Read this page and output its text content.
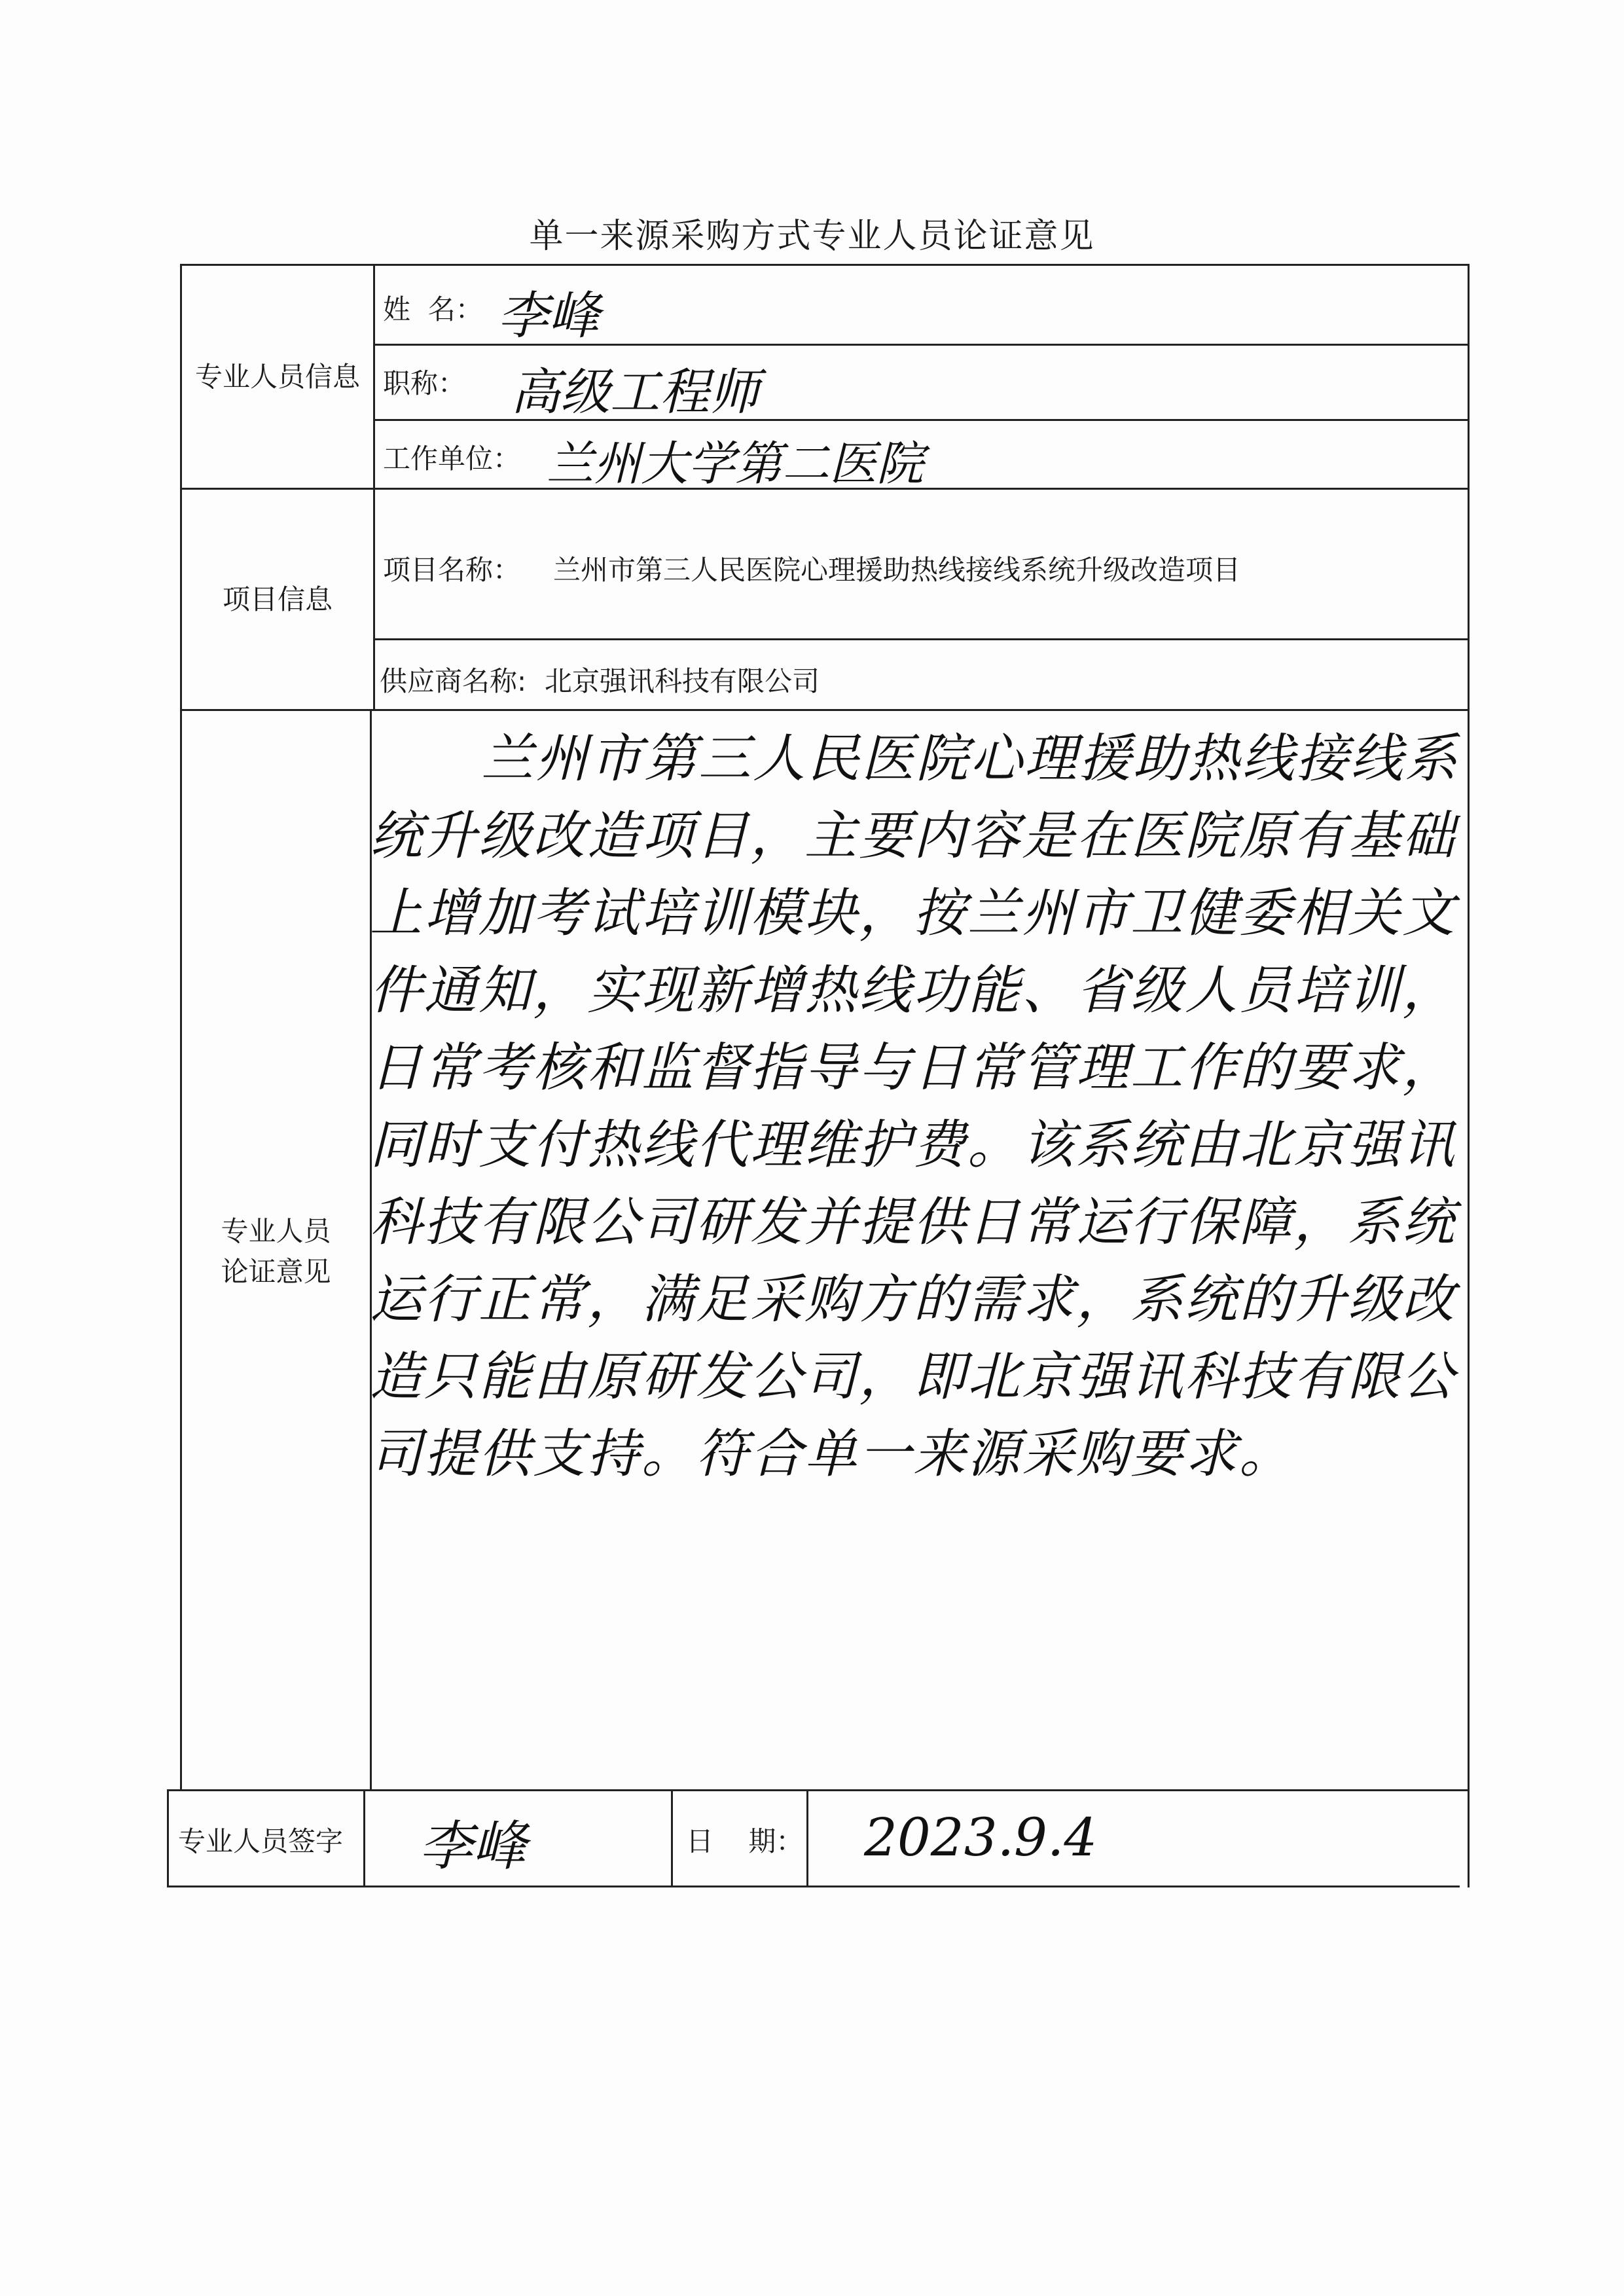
单一来源采购方式专业人员论证意见
专业人员信息
姓  名： 李峰
职称： 高级工程师
工作单位： 兰州大学第二医院
项目信息
项目名称： 兰州市第三人民医院心理援助热线接线系统升级改造项目
供应商名称: 北京强讯科技有限公司
专业人员
论证意见
兰州市第三人民医院心理援助热线接线系统升级改造项目，主要内容是在医院原有基础上增加考试培训模块，按兰州市卫健委相关文件通知，实现新增热线功能、省级人员培训，日常考核和监督指导与日常管理工作的要求，同时支付热线代理维护费。该系统由北京强讯科技有限公司研发并提供日常运行保障，系统运行正常，满足采购方的需求，系统的升级改造只能由原研发公司，即北京强讯科技有限公司提供支持。符合单一来源采购要求。
专业人员签字 李峰	日    期： 2023.9.4
